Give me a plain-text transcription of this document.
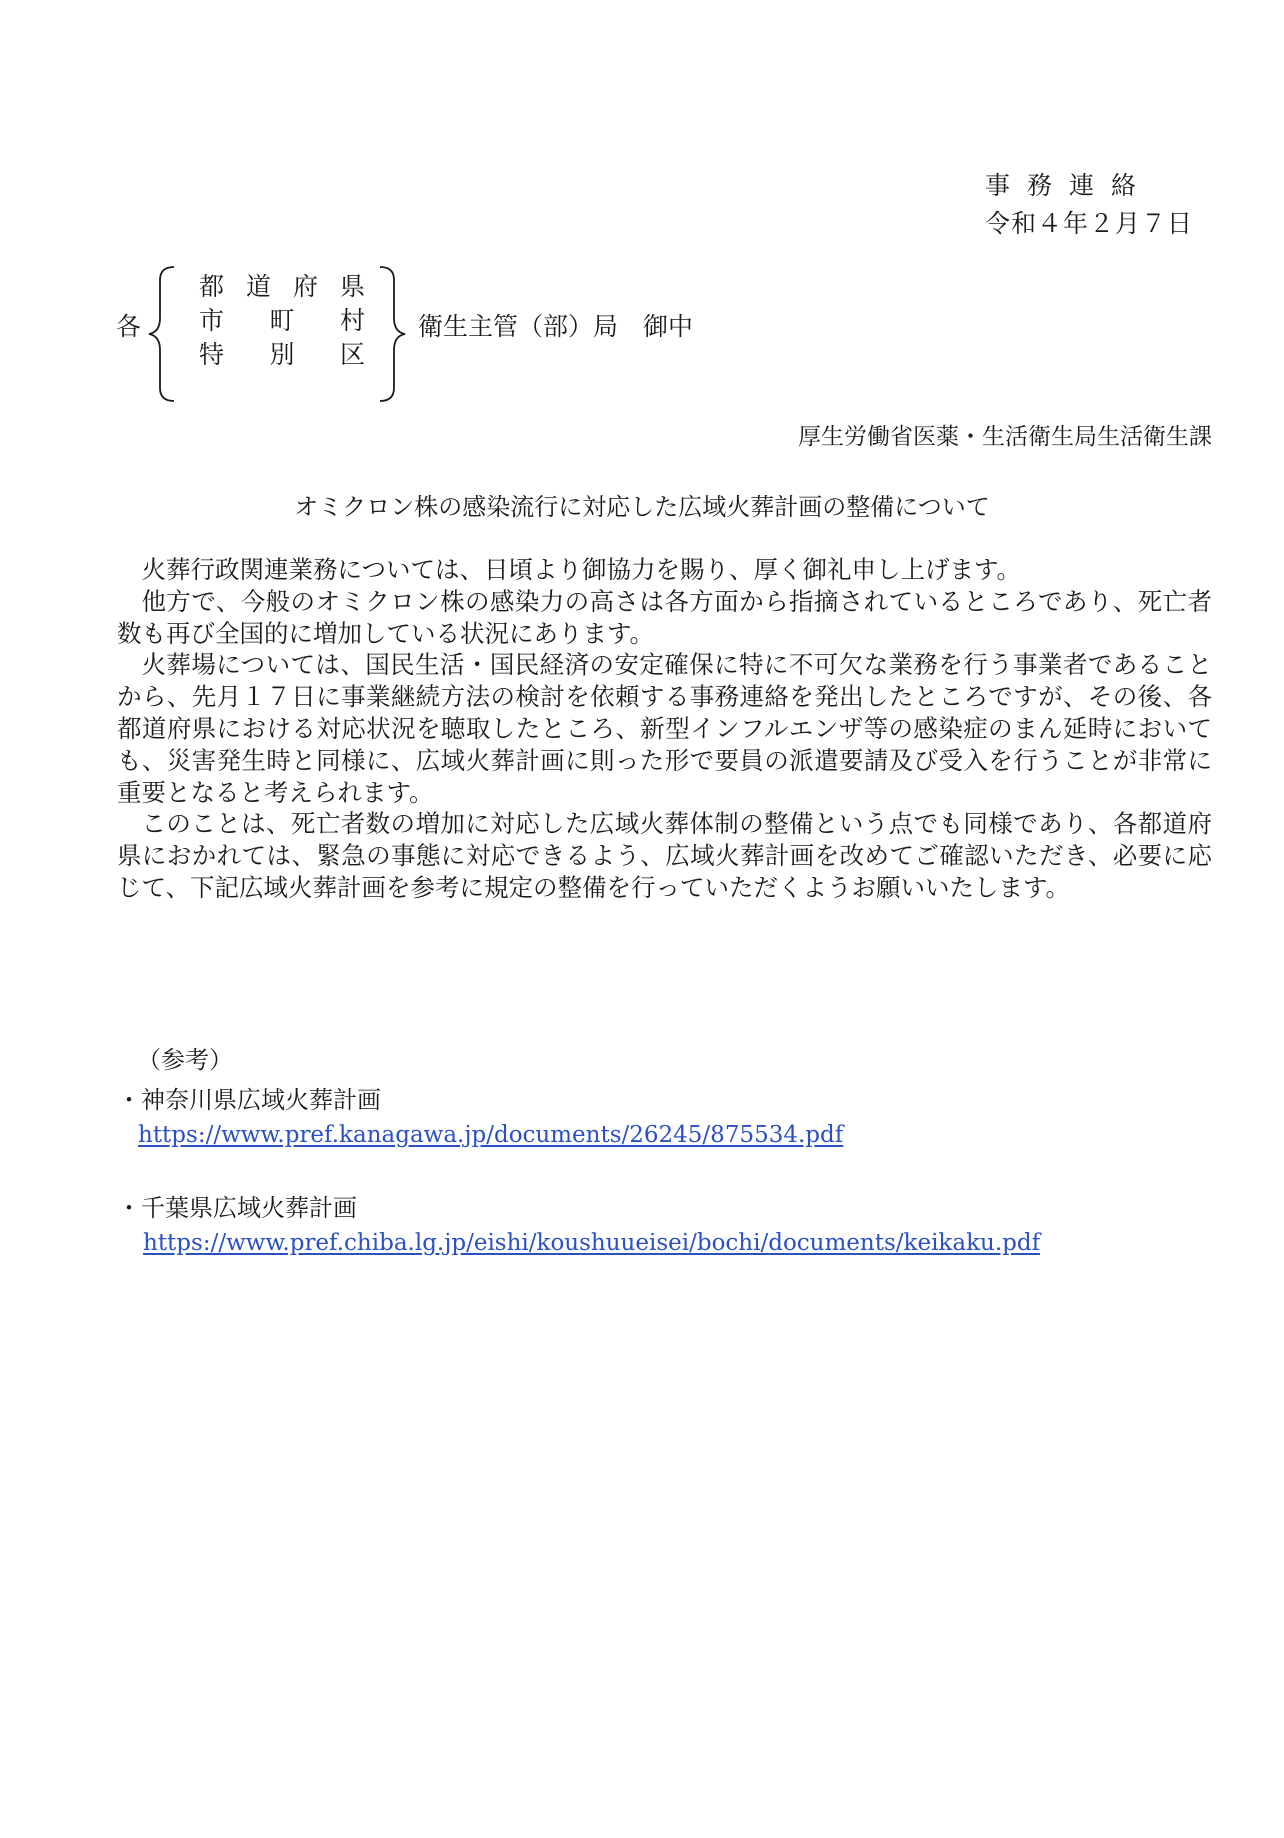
事務連絡
令和４年２月７日
各
都道府県
市町村
特別区
衛生主管（部）局　御中
厚生労働省医薬・生活衛生局生活衛生課
オミクロン株の感染流行に対応した広域火葬計画の整備について

火葬行政関連業務については、日頃より御協力を賜り、厚く御礼申し上げます。

他方で、今般のオミクロン株の感染力の高さは各方面から指摘されているところであり、死亡者数も再び全国的に増加している状況にあります。

火葬場については、国民生活・国民経済の安定確保に特に不可欠な業務を行う事業者であることから、先月１７日に事業継続方法の検討を依頼する事務連絡を発出したところですが、その後、各都道府県における対応状況を聴取したところ、新型インフルエンザ等の感染症のまん延時においても、災害発生時と同様に、広域火葬計画に則った形で要員の派遣要請及び受入を行うことが非常に重要となると考えられます。

このことは、死亡者数の増加に対応した広域火葬体制の整備という点でも同様であり、各都道府県におかれては、緊急の事態に対応できるよう、広域火葬計画を改めてご確認いただき、必要に応じて、下記広域火葬計画を参考に規定の整備を行っていただくようお願いいたします。

（参考）
・神奈川県広域火葬計画
https://www.pref.kanagawa.jp/documents/26245/875534.pdf
・千葉県広域火葬計画
https://www.pref.chiba.lg.jp/eishi/koushuueisei/bochi/documents/keikaku.pdf
